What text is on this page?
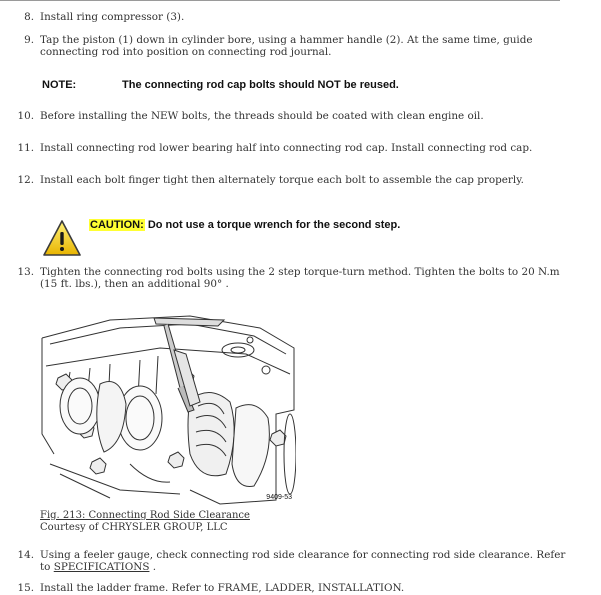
8. Install ring compressor (3).
9. Tap the piston (1) down in cylinder bore, using a hammer handle (2). At the same time, guide connecting rod into position on connecting rod journal.
NOTE:	The connecting rod cap bolts should NOT be reused.
10. Before installing the NEW bolts, the threads should be coated with clean engine oil.
11. Install connecting rod lower bearing half into connecting rod cap. Install connecting rod cap.
12. Install each bolt finger tight then alternately torque each bolt to assemble the cap properly.
CAUTION: Do not use a torque wrench for the second step.
13. Tighten the connecting rod bolts using the 2 step torque-turn method. Tighten the bolts to 20 N.m (15 ft. lbs.), then an additional 90° .
9409-53
Fig. 213: Connecting Rod Side Clearance
Courtesy of CHRYSLER GROUP, LLC
14. Using a feeler gauge, check connecting rod side clearance for connecting rod side clearance. Refer to SPECIFICATIONS .
15. Install the ladder frame. Refer to FRAME, LADDER, INSTALLATION.
